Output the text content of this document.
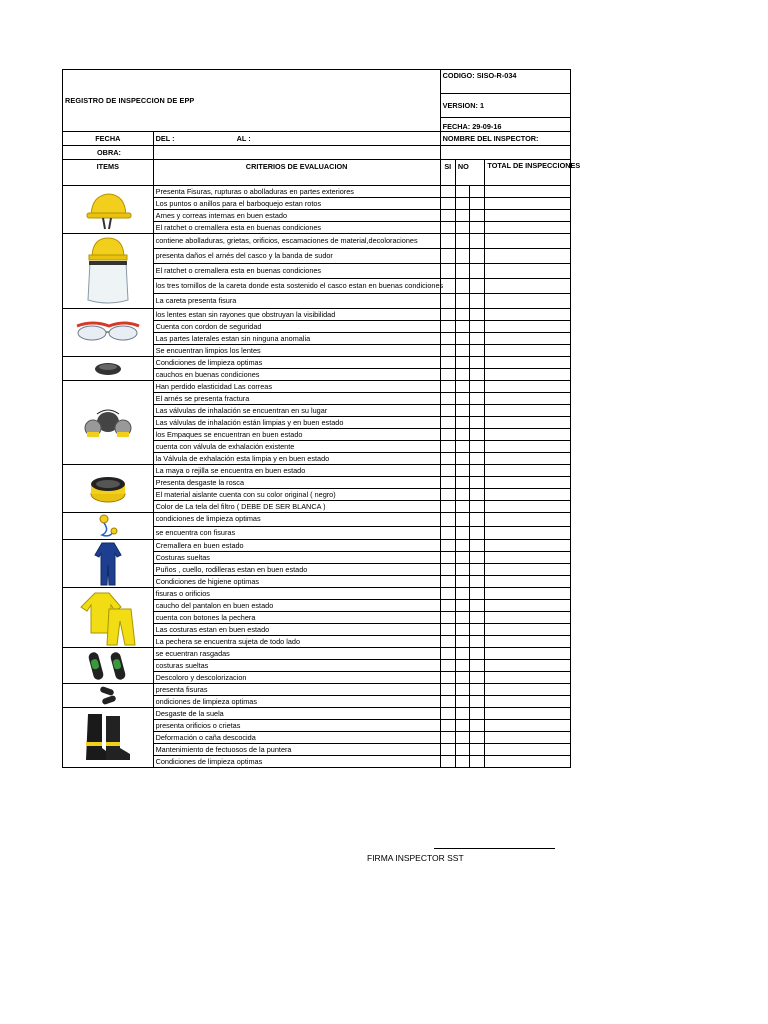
REGISTRO DE INSPECCION DE EPP		CODIGO: SISO-R-034			
		VERSION: 1			
		FECHA: 29-09-16			
FECHA	DEL : AL :	NOMBRE DEL INSPECTOR:			
OBRA:					
ITEMS	CRITERIOS DE EVALUACION	SI	NO		TOTAL DE INSPECCIONES

	Presenta Fisuras, rupturas o abolladuras en partes exteriores				
	Los puntos o anillos para el barboquejo estan rotos				
	Arnes y correas internas en buen estado				
	El ratchet o cremallera esta en buenas condiciones				

	contiene abolladuras, grietas, orificios, escamaciones de material,decoloraciones				
	presenta daños el arnés del casco y la banda de sudor				
	El ratchet o cremallera esta en buenas condiciones				
	los tres tornillos de la careta donde esta sostenido el casco estan en buenas condiciones				
	La careta presenta fisura				

	los lentes estan sin rayones que obstruyan la visibilidad				
	Cuenta con cordon de seguridad				
	Las partes laterales estan sin ninguna anomalia				
	Se encuentran limpios los lentes				

	Condiciones de limpieza optimas				
	cauchos en buenas condiciones				

	Han perdido elasticidad Las correas				
	El arnés se presenta fractura				
	Las válvulas de inhalación se encuentran en su lugar				
	Las válvulas de inhalación están limpias y en buen estado				
	los Empaques se encuentran en buen estado				
	cuenta con válvula de exhalación existente				
	la Válvula de exhalación esta limpia y en buen estado				

	La maya o rejilla se encuentra en buen estado				
	Presenta desgaste la rosca				
	El material aislante cuenta con su color original ( negro)				
	Color de La tela del filtro ( DEBE DE SER BLANCA )				

	condiciones de limpieza optimas				
	se encuentra con fisuras				

	Cremallera en buen estado				
	Costuras sueltas				
	Puños , cuello, rodilleras estan en buen estado				
	Condiciones de higiene optimas				

	fisuras o orificios				
	caucho del pantalon en buen estado				
	cuenta con botones la pechera				
	Las costuras estan en buen estado				
	La pechera se encuentra sujeta de todo lado				

	se ecuentran rasgadas				
	costuras sueltas				
	Descoloro y descolorizacion				

	presenta fisuras				
	ondiciones de limpieza optimas				

	Desgaste de la suela				
	presenta orificios o crietas				
	Deformación o caña descocida				
	Mantenimiento de fectuosos de la puntera				
	Condiciones de limpieza optimas				
FIRMA INSPECTOR SST
